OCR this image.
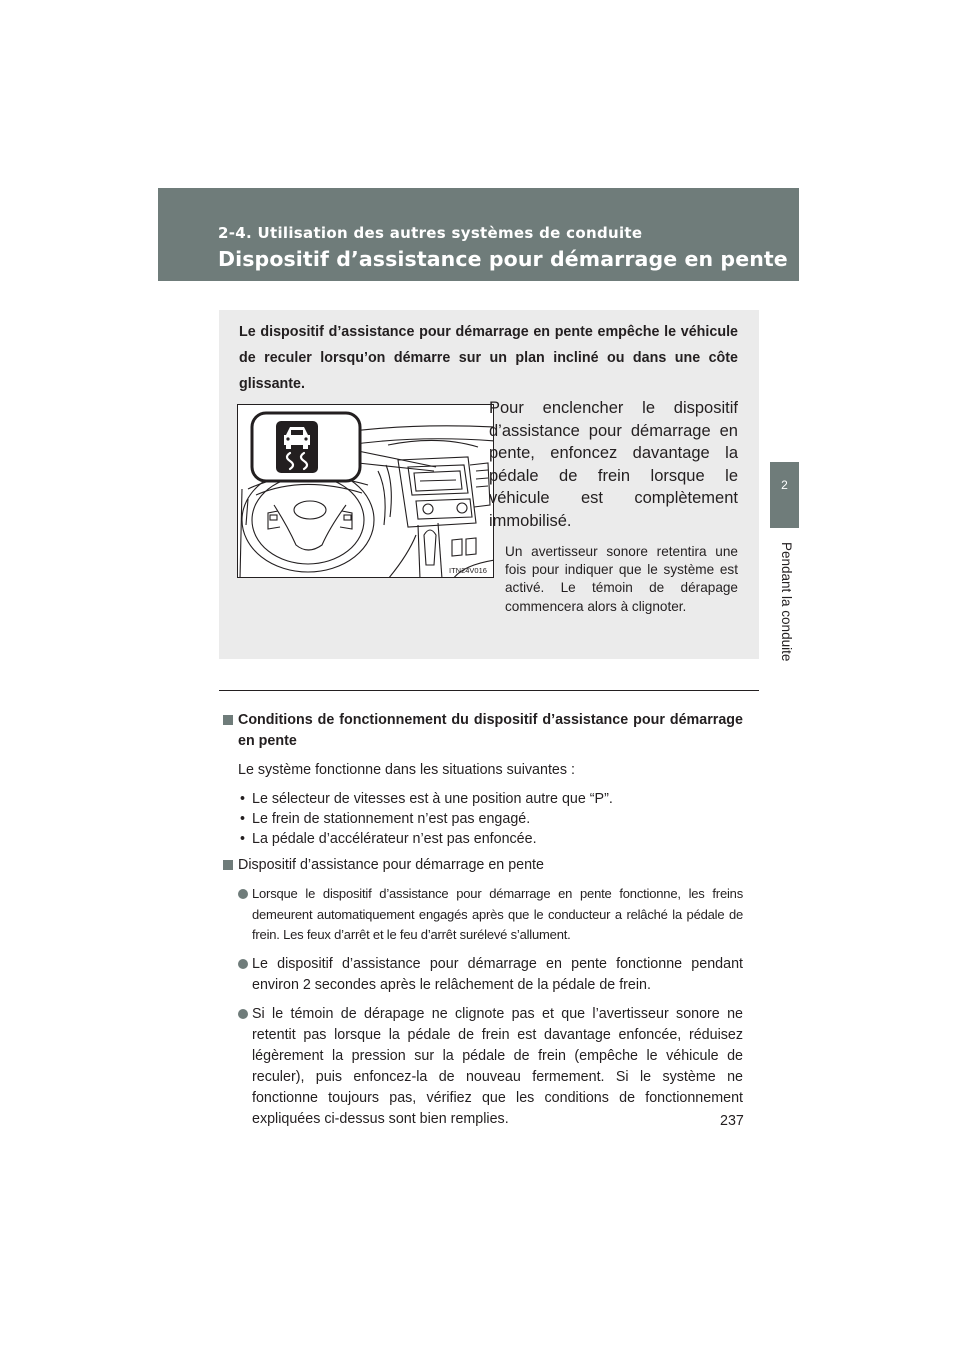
2-4. Utilisation des autres systèmes de conduite
Dispositif d’assistance pour démarrage en pente
2
Pendant la conduite

Le dispositif d’assistance pour démarrage en pente empêche le véhicule de reculer lorsqu’on démarre sur un plan incliné ou dans une côte glissante.

ITN24V016

Pour enclencher le dispositif d’assistance pour démarrage en pente, enfoncez davantage la pédale de frein lorsque le véhicule est complètement immobilisé.

Un avertisseur sonore retentira une fois pour indiquer que le système est activé. Le témoin de dérapage commencera alors à clignoter.

Conditions de fonctionnement du dispositif d’assistance pour démarrage en pente

Le système fonctionne dans les situations suivantes :

• Le sélecteur de vitesses est à une position autre que “P”.
• Le frein de stationnement n’est pas engagé.
• La pédale d’accélérateur n’est pas enfoncée.
Dispositif d’assistance pour démarrage en pente
Lorsque le dispositif d’assistance pour démarrage en pente fonctionne, les freins demeurent automatiquement engagés après que le conducteur a relâché la pédale de frein. Les feux d’arrêt et le feu d’arrêt surélevé s’allument.
Le dispositif d’assistance pour démarrage en pente fonctionne pendant environ 2 secondes après le relâchement de la pédale de frein.
Si le témoin de dérapage ne clignote pas et que l’avertisseur sonore ne retentit pas lorsque la pédale de frein est davantage enfoncée, réduisez légèrement la pression sur la pédale de frein (empêche le véhicule de reculer), puis enfoncez-la de nouveau fermement. Si le système ne fonctionne toujours pas, vérifiez que les conditions de fonctionnement expliquées ci-dessus sont bien remplies.	237
